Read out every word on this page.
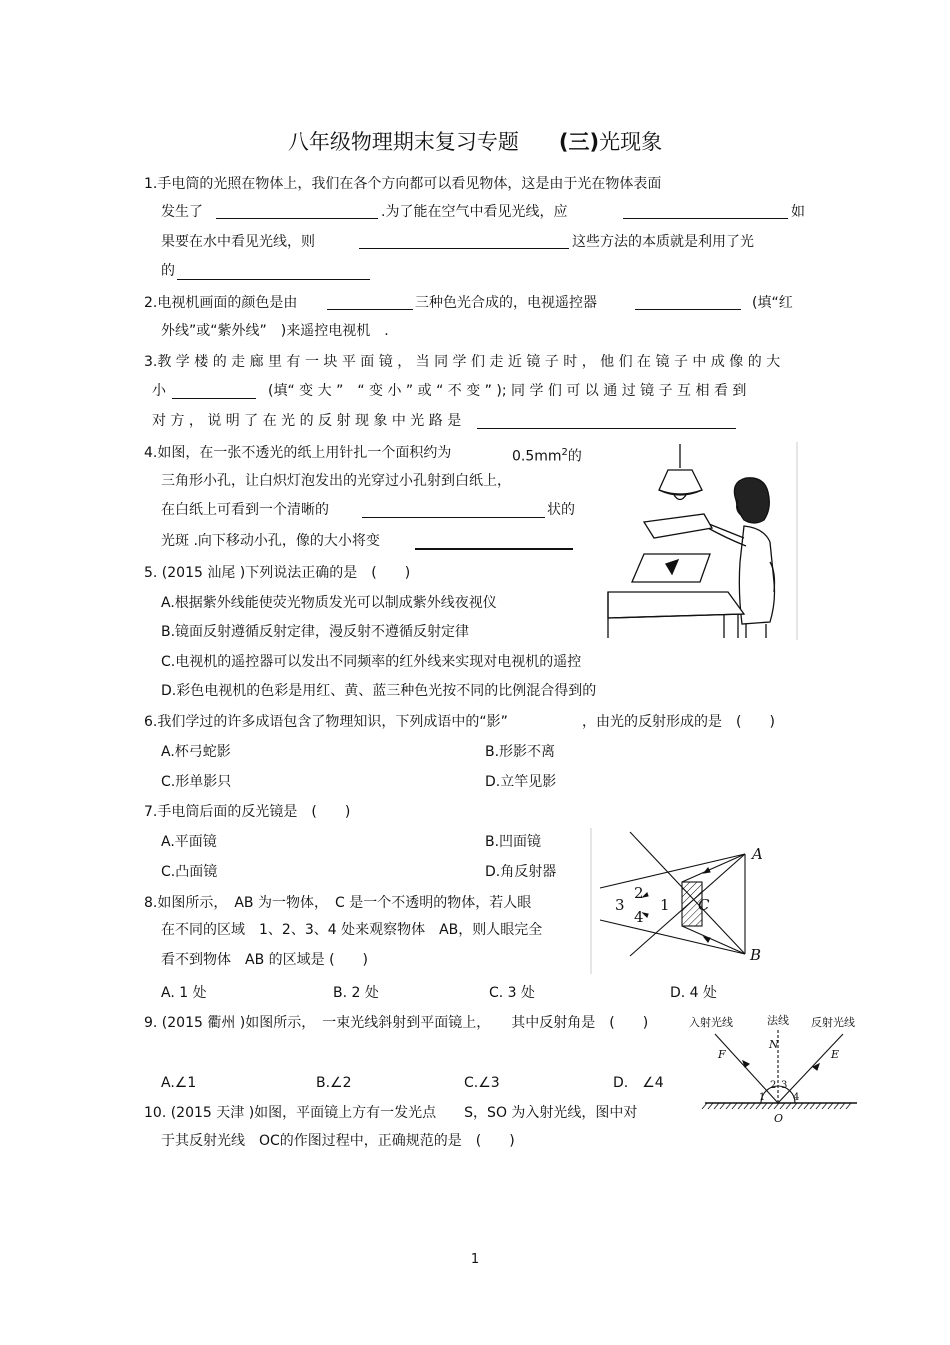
八年级物理期末复习专题 (三)光现象
1.手电筒的光照在物体上，我们在各个方向都可以看见物体，这是由于光在物体表面
发生了	.为了能在空气中看见光线，应	如
果要在水中看见光线，则	这些方法的本质就是利用了光
的
2.电视机画面的颜色是由	三种色光合成的，电视遥控器	(填“红
外线”或“紫外线”　)来遥控电视机　.
3.教 学 楼 的 走 廊 里 有 一 块 平 面 镜 ， 当 同 学 们 走 近 镜 子 时 ， 他 们 在 镜 子 中 成 像 的 大
小	(填“ 变 大 ”　“ 变 小 ” 或 “ 不 变 ” ); 同 学 们 可 以 通 过 镜 子 互 相 看 到
对 方 ， 说 明 了 在 光 的 反 射 现 象 中 光 路 是
4.如图，在一张不透光的纸上用针扎一个面积约为	$0.5mm^2$的
三角形小孔，让白炽灯泡发出的光穿过小孔射到白纸上，
在白纸上可看到一个清晰的	状的
光斑 .向下移动小孔，像的大小将变
5. (2015 汕尾 )下列说法正确的是　(　　)
A.根据紫外线能使荧光物质发光可以制成紫外线夜视仪
B.镜面反射遵循反射定律，漫反射不遵循反射定律
C.电视机的遥控器可以发出不同频率的红外线来实现对电视机的遥控
D.彩色电视机的色彩是用红、黄、蓝三种色光按不同的比例混合得到的
6.我们学过的许多成语包含了物理知识，下列成语中的“影”	，由光的反射形成的是　(　　)
A.杯弓蛇影	B.形影不离
C.形单影只	D.立竿见影
7.手电筒后面的反光镜是　(　　)
A.平面镜	B.凹面镜
C.凸面镜	D.角反射器
8.如图所示，　AB 为一物体，　C 是一个不透明的物体，若人眼
在不同的区域　1、2、3、4 处来观察物体　AB，则人眼完全
看不到物体　AB 的区域是 (　　)
A. 1 处	B. 2 处	C. 3 处	D. 4 处
A
B
C
3
2
4
1
9. (2015 衢州 )如图所示，　一束光线斜射到平面镜上，　　其中反射角是　(　　)
A.∠1	B.∠2	C.∠3	D.　∠4
入射光线	法线 反射光线
F
N
E
O
1
2 3
4
10. (2015 天津 )如图，平面镜上方有一发光点　　S，SO 为入射光线，图中对
于其反射光线　OC的作图过程中，正确规范的是　(　　)
1
